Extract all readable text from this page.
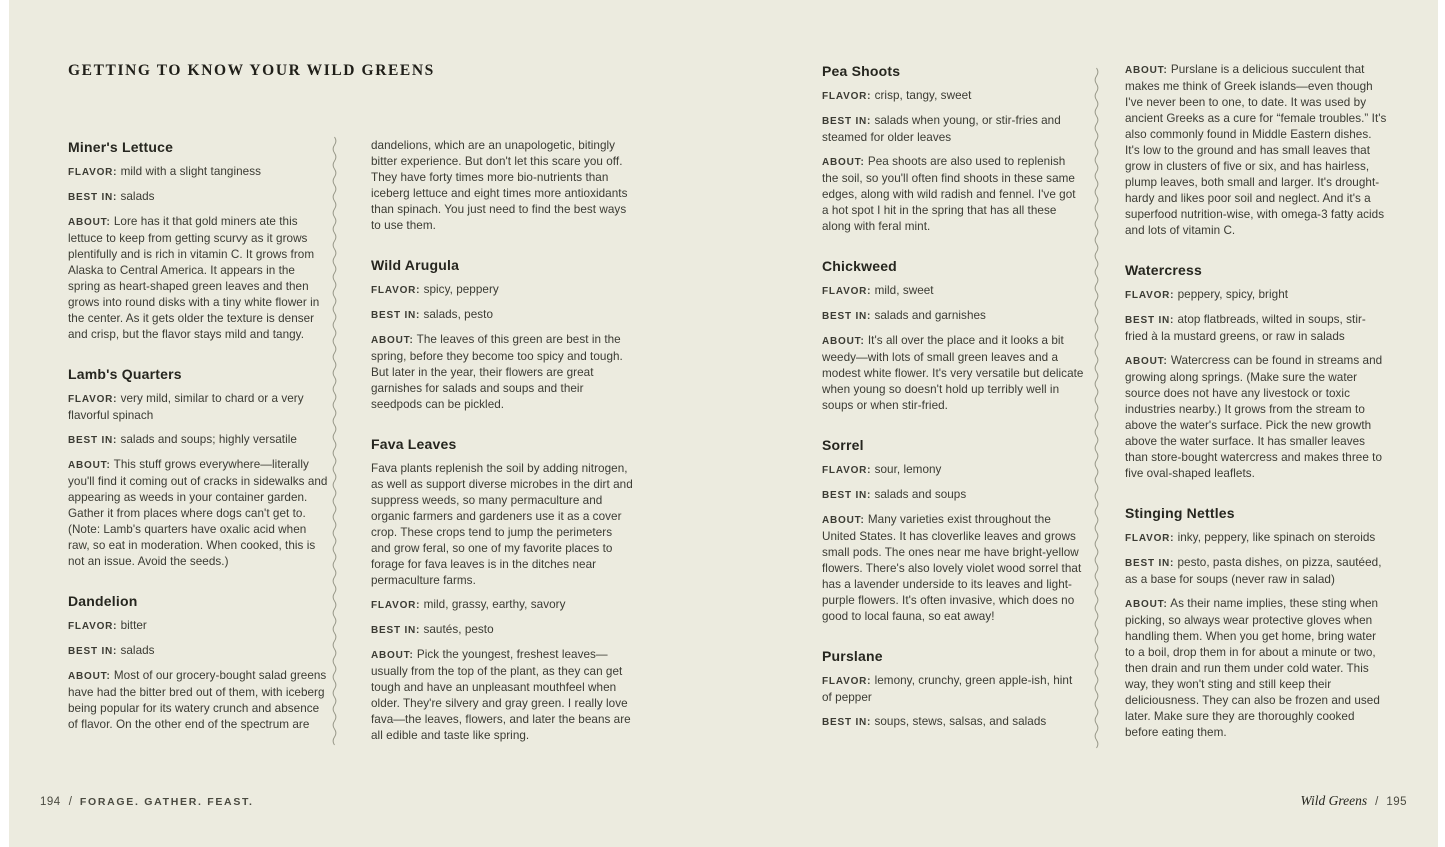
GETTING TO KNOW YOUR WILD GREENS
Miner's Lettuce

FLAVOR: mild with a slight tanginess

BEST IN: salads

ABOUT: Lore has it that gold miners ate this lettuce to keep from getting scurvy as it grows plentifully and is rich in vitamin C. It grows from Alaska to Central America. It appears in the spring as heart-shaped green leaves and then grows into round disks with a tiny white flower in the center. As it gets older the texture is denser and crisp, but the flavor stays mild and tangy.

Lamb's Quarters

FLAVOR: very mild, similar to chard or a very flavorful spinach

BEST IN: salads and soups; highly versatile

ABOUT: This stuff grows everywhere—literally you'll find it coming out of cracks in sidewalks and appearing as weeds in your container garden. Gather it from places where dogs can't get to. (Note: Lamb's quarters have oxalic acid when raw, so eat in moderation. When cooked, this is not an issue. Avoid the seeds.)

Dandelion

FLAVOR: bitter

BEST IN: salads

ABOUT: Most of our grocery-bought salad greens have had the bitter bred out of them, with iceberg being popular for its watery crunch and absence of flavor. On the other end of the spectrum are

dandelions, which are an unapologetic, bitingly bitter experience. But don't let this scare you off. They have forty times more bio-nutrients than iceberg lettuce and eight times more antioxidants than spinach. You just need to find the best ways to use them.

Wild Arugula

FLAVOR: spicy, peppery

BEST IN: salads, pesto

ABOUT: The leaves of this green are best in the spring, before they become too spicy and tough. But later in the year, their flowers are great garnishes for salads and soups and their seedpods can be pickled.

Fava Leaves

Fava plants replenish the soil by adding nitrogen, as well as support diverse microbes in the dirt and suppress weeds, so many permaculture and organic farmers and gardeners use it as a cover crop. These crops tend to jump the perimeters and grow feral, so one of my favorite places to forage for fava leaves is in the ditches near permaculture farms.

FLAVOR: mild, grassy, earthy, savory

BEST IN: sautés, pesto

ABOUT: Pick the youngest, freshest leaves—usually from the top of the plant, as they can get tough and have an unpleasant mouthfeel when older. They're silvery and gray green. I really love fava—the leaves, flowers, and later the beans are all edible and taste like spring.

Pea Shoots

FLAVOR: crisp, tangy, sweet

BEST IN: salads when young, or stir-fries and steamed for older leaves

ABOUT: Pea shoots are also used to replenish the soil, so you'll often find shoots in these same edges, along with wild radish and fennel. I've got a hot spot I hit in the spring that has all these along with feral mint.

Chickweed

FLAVOR: mild, sweet

BEST IN: salads and garnishes

ABOUT: It's all over the place and it looks a bit weedy—with lots of small green leaves and a modest white flower. It's very versatile but delicate when young so doesn't hold up terribly well in soups or when stir-fried.

Sorrel

FLAVOR: sour, lemony

BEST IN: salads and soups

ABOUT: Many varieties exist throughout the United States. It has cloverlike leaves and grows small pods. The ones near me have bright-yellow flowers. There's also lovely violet wood sorrel that has a lavender underside to its leaves and light-purple flowers. It's often invasive, which does no good to local fauna, so eat away!

Purslane

FLAVOR: lemony, crunchy, green apple-ish, hint of pepper

BEST IN: soups, stews, salsas, and salads

ABOUT: Purslane is a delicious succulent that makes me think of Greek islands—even though I've never been to one, to date. It was used by ancient Greeks as a cure for “female troubles.” It's also commonly found in Middle Eastern dishes. It's low to the ground and has small leaves that grow in clusters of five or six, and has hairless, plump leaves, both small and larger. It's drought-hardy and likes poor soil and neglect. And it's a superfood nutrition-wise, with omega-3 fatty acids and lots of vitamin C.

Watercress

FLAVOR: peppery, spicy, bright

BEST IN: atop flatbreads, wilted in soups, stir-fried à la mustard greens, or raw in salads

ABOUT: Watercress can be found in streams and growing along springs. (Make sure the water source does not have any livestock or toxic industries nearby.) It grows from the stream to above the water's surface. Pick the new growth above the water surface. It has smaller leaves than store-bought watercress and makes three to five oval-shaped leaflets.

Stinging Nettles

FLAVOR: inky, peppery, like spinach on steroids

BEST IN: pesto, pasta dishes, on pizza, sautéed, as a base for soups (never raw in salad)

ABOUT: As their name implies, these sting when picking, so always wear protective gloves when handling them. When you get home, bring water to a boil, drop them in for about a minute or two, then drain and run them under cold water. This way, they won't sting and still keep their deliciousness. They can also be frozen and used later. Make sure they are thoroughly cooked before eating them.

194 / FORAGE. GATHER. FEAST.	Wild Greens / 195
